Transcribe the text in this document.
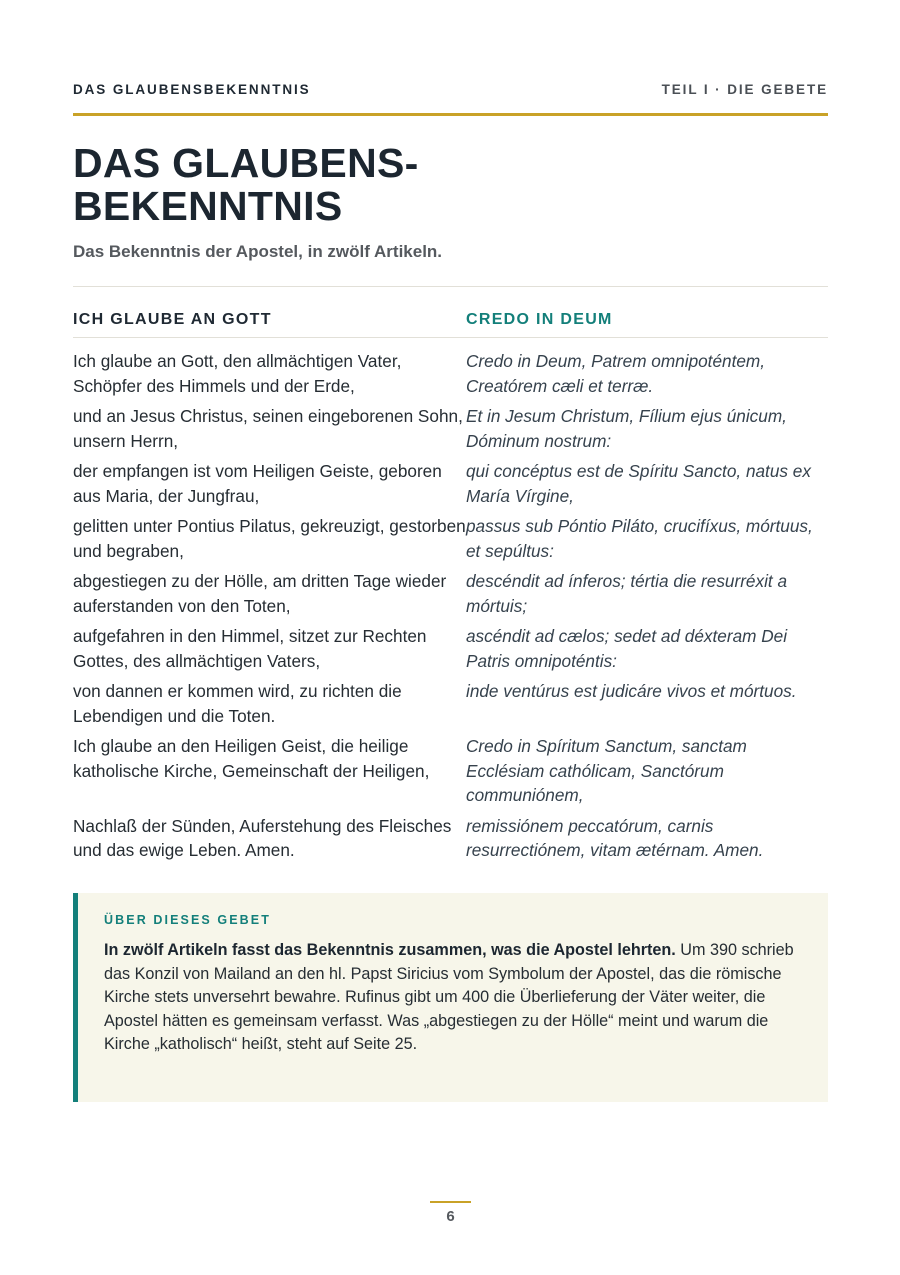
DAS GLAUBENSBEKENNTNIS	TEIL I · DIE GEBETE
DAS GLAUBENS-
BEKENNTNIS
Das Bekenntnis der Apostel, in zwölf Artikeln.
ICH GLAUBE AN GOTT	CREDO IN DEUM
Ich glaube an Gott, den allmächtigen Vater, Schöpfer des Himmels und der Erde,
Credo in Deum, Patrem omnipoténtem, Creatórem cæli et terræ.
und an Jesus Christus, seinen eingeborenen Sohn, unsern Herrn,
Et in Jesum Christum, Fílium ejus únicum, Dóminum nostrum:
der empfangen ist vom Heiligen Geiste, geboren aus Maria, der Jungfrau,
qui concéptus est de Spíritu Sancto, natus ex María Vírgine,
gelitten unter Pontius Pilatus, gekreuzigt, gestorben und begraben,
passus sub Póntio Piláto, crucifíxus, mórtuus, et sepúltus:
abgestiegen zu der Hölle, am dritten Tage wieder auferstanden von den Toten,
descéndit ad ínferos; tértia die resurréxit a mórtuis;
aufgefahren in den Himmel, sitzet zur Rechten Gottes, des allmächtigen Vaters,
ascéndit ad cælos; sedet ad déxteram Dei Patris omnipoténtis:
von dannen er kommen wird, zu richten die Lebendigen und die Toten.
inde ventúrus est judicáre vivos et mórtuos.
Ich glaube an den Heiligen Geist, die heilige katholische Kirche, Gemeinschaft der Heiligen,
Credo in Spíritum Sanctum, sanctam Ecclésiam cathólicam, Sanctórum communiónem,
Nachlaß der Sünden, Auferstehung des Fleisches und das ewige Leben. Amen.
remissiónem peccatórum, carnis resurrectiónem, vitam ætérnam. Amen.
ÜBER DIESES GEBET

In zwölf Artikeln fasst das Bekenntnis zusammen, was die Apostel lehrten. Um 390 schrieb das Konzil von Mailand an den hl. Papst Siricius vom Symbolum der Apostel, das die römische Kirche stets unversehrt bewahre. Rufinus gibt um 400 die Überlieferung der Väter weiter, die Apostel hätten es gemeinsam verfasst. Was „abgestiegen zu der Hölle“ meint und warum die Kirche „katholisch“ heißt, steht auf Seite 25.

6
